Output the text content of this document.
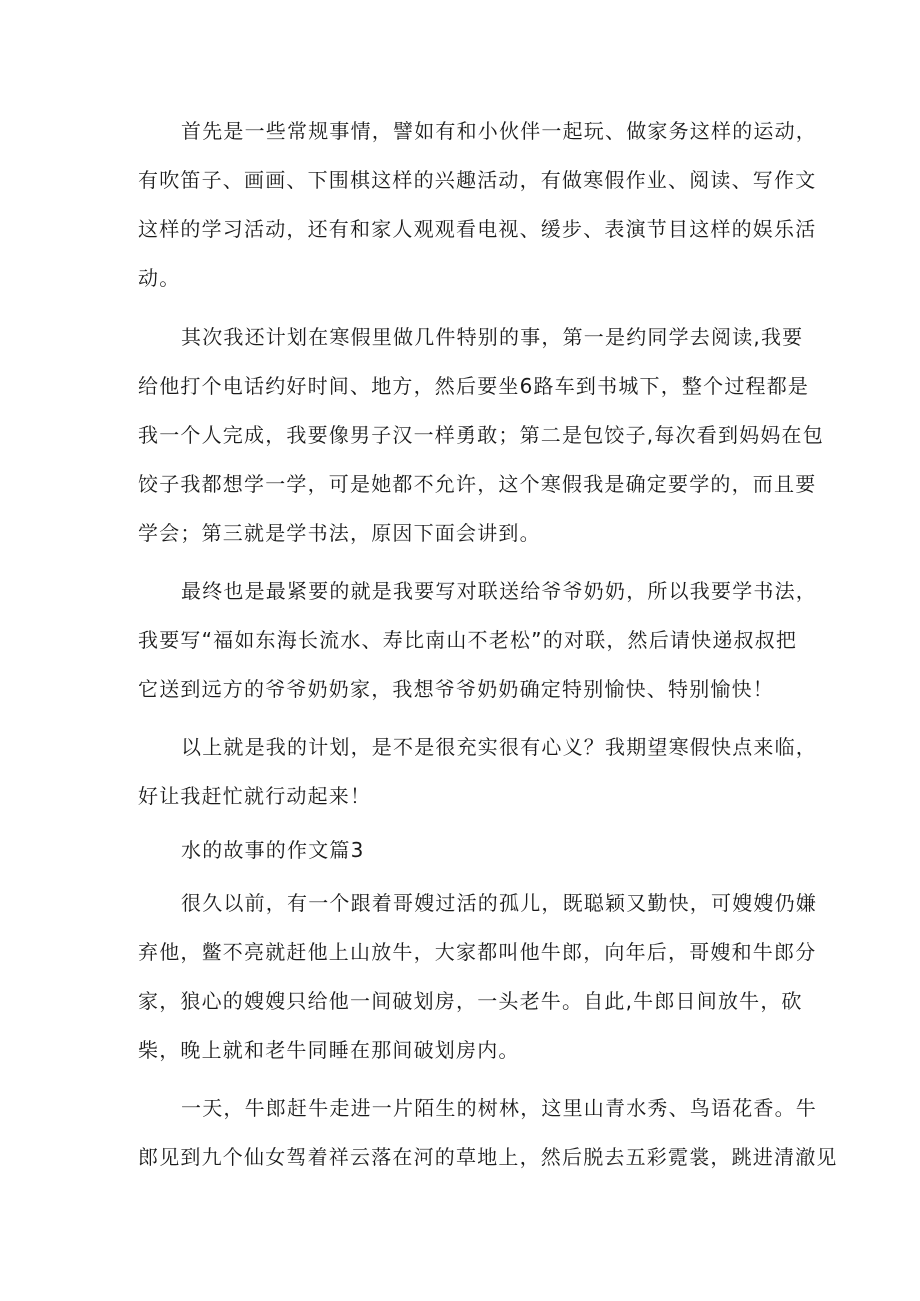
首先是一些常规事情，譬如有和小伙伴一起玩、做家务这样的运动，
有吹笛子、画画、下围棋这样的兴趣活动，有做寒假作业、阅读、写作文
这样的学习活动，还有和家人观观看电视、缓步、表演节目这样的娱乐活
动。
其次我还计划在寒假里做几件特别的事，第一是约同学去阅读,我要
给他打个电话约好时间、地方，然后要坐6路车到书城下，整个过程都是
我一个人完成，我要像男子汉一样勇敢；第二是包饺子,每次看到妈妈在包
饺子我都想学一学，可是她都不允许，这个寒假我是确定要学的，而且要
学会；第三就是学书法，原因下面会讲到。
最终也是最紧要的就是我要写对联送给爷爷奶奶，所以我要学书法，
我要写“福如东海长流水、寿比南山不老松”的对联，然后请快递叔叔把
它送到远方的爷爷奶奶家，我想爷爷奶奶确定特别愉快、特别愉快！
以上就是我的计划，是不是很充实很有心义？我期望寒假快点来临，
好让我赶忙就行动起来！
水的故事的作文篇3
很久以前，有一个跟着哥嫂过活的孤儿，既聪颖又勤快，可嫂嫂仍嫌
弃他，鳖不亮就赶他上山放牛，大家都叫他牛郎，向年后，哥嫂和牛郎分
家，狼心的嫂嫂只给他一间破划房，一头老牛。自此,牛郎日间放牛，砍
柴，晚上就和老牛同睡在那间破划房内。
一天，牛郎赶牛走进一片陌生的树林，这里山青水秀、鸟语花香。牛
郎见到九个仙女驾着祥云落在河的草地上，然后脱去五彩霓裳，跳进清澈见
